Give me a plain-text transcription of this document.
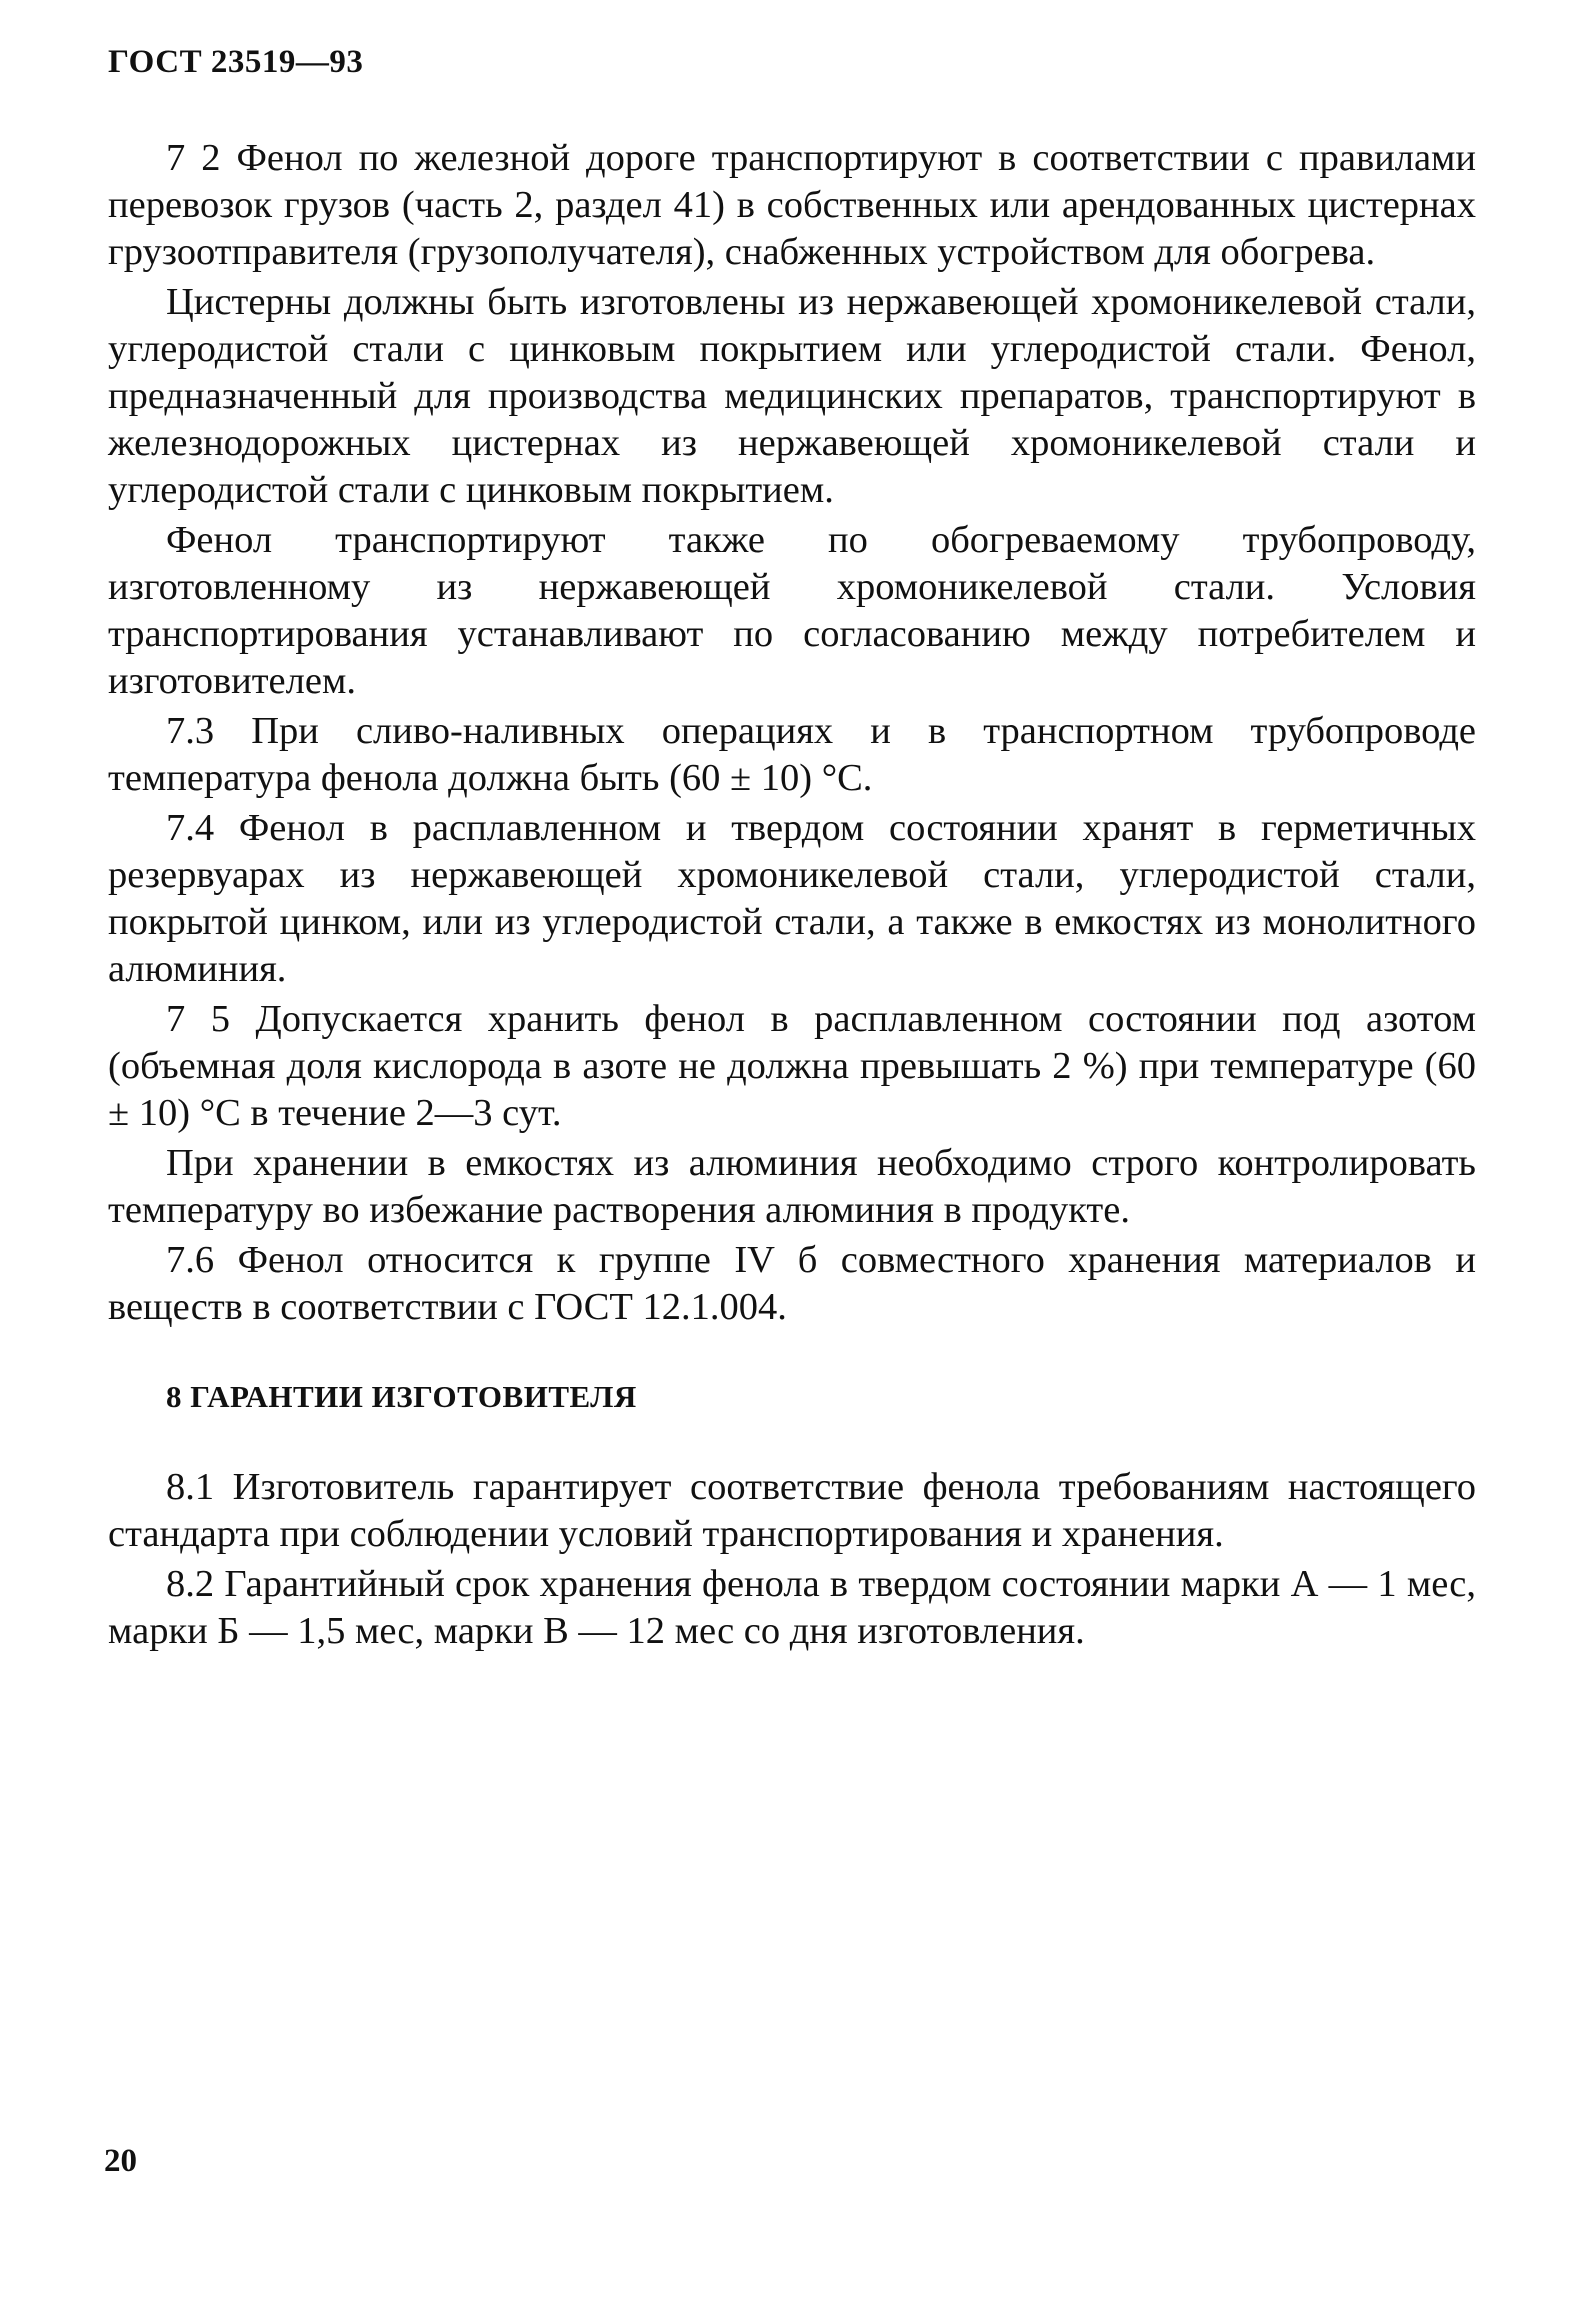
ГОСТ 23519—93

7 2 Фенол по железной дороге транспортируют в соответствии с правилами перевозок грузов (часть 2, раздел 41) в собственных или арендованных цистернах грузоотправителя (грузополучателя), снабженных устройством для обогрева.

Цистерны должны быть изготовлены из нержавеющей хромоникелевой стали, углеродистой стали с цинковым покрытием или углеродистой стали. Фенол, предназначенный для производства медицинских препаратов, транспортируют в железнодорожных цистернах из нержавеющей хромоникелевой стали и углеродистой стали с цинковым покрытием.

Фенол транспортируют также по обогреваемому трубопроводу, изготовленному из нержавеющей хромоникелевой стали. Условия транспортирования устанавливают по согласованию между потребителем и изготовителем.

7.3 При сливо-наливных операциях и в транспортном трубопроводе температура фенола должна быть (60 ± 10) °С.

7.4 Фенол в расплавленном и твердом состоянии хранят в герметичных резервуарах из нержавеющей хромоникелевой стали, углеродистой стали, покрытой цинком, или из углеродистой стали, а также в емкостях из монолитного алюминия.

7 5 Допускается хранить фенол в расплавленном состоянии под азотом (объемная доля кислорода в азоте не должна превышать 2 %) при температуре (60 ± 10) °С в течение 2—3 сут.

При хранении в емкостях из алюминия необходимо строго контролировать температуру во избежание растворения алюминия в продукте.

7.6 Фенол относится к группе IV б совместного хранения материалов и веществ в соответствии с ГОСТ 12.1.004.

8 ГАРАНТИИ ИЗГОТОВИТЕЛЯ

8.1 Изготовитель гарантирует соответствие фенола требованиям настоящего стандарта при соблюдении условий транспортирования и хранения.

8.2 Гарантийный срок хранения фенола в твердом состоянии марки А — 1 мес, марки Б — 1,5 мес, марки В — 12 мес со дня изготовления.

20
